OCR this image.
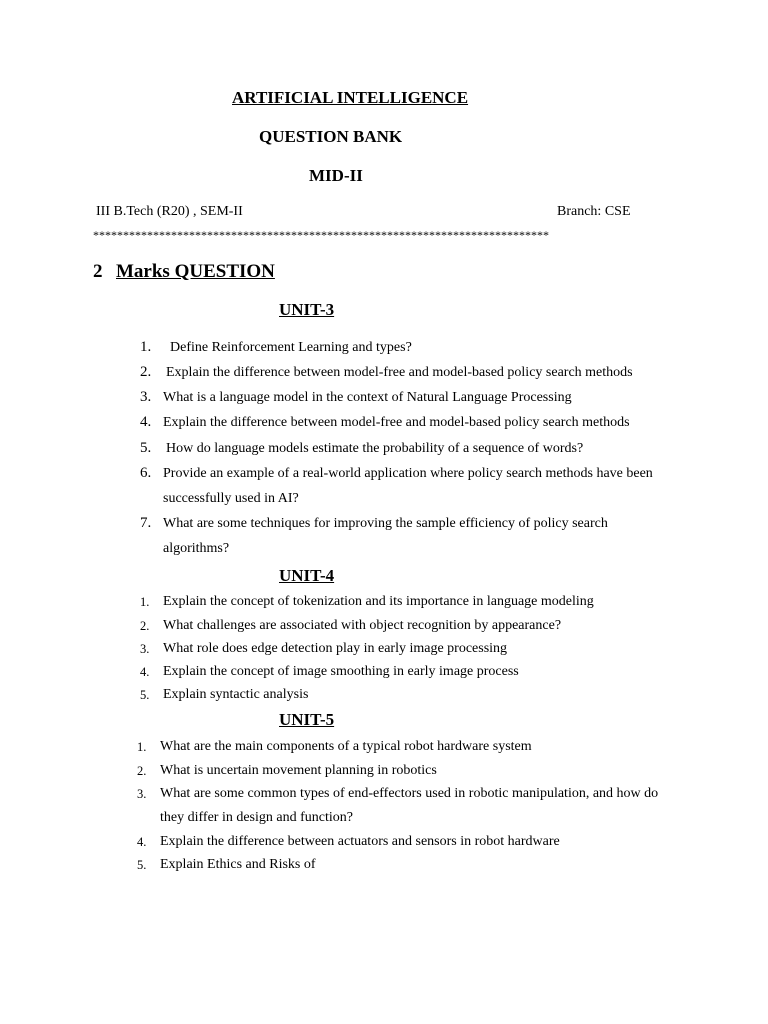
ARTIFICIAL INTELLIGENCE
QUESTION BANK
MID-II
III B.Tech (R20) , SEM-II	Branch: CSE
****************************************************************************
2 Marks QUESTION
UNIT-3
1. Define Reinforcement Learning and types?
2. Explain the difference between model-free and model-based policy search methods
3. What is a language model in the context of Natural Language Processing
4. Explain the difference between model-free and model-based policy search methods
5. How do language models estimate the probability of a sequence of words?
6. Provide an example of a real-world application where policy search methods have been
successfully used in AI?
7. What are some techniques for improving the sample efficiency of policy search
algorithms?
UNIT-4
1. Explain the concept of tokenization and its importance in language modeling
2. What challenges are associated with object recognition by appearance?
3. What role does edge detection play in early image processing
4. Explain the concept of image smoothing in early image process
5. Explain syntactic analysis
UNIT-5
1. What are the main components of a typical robot hardware system
2. What is uncertain movement planning in robotics
3. What are some common types of end-effectors used in robotic manipulation, and how do
they differ in design and function?
4. Explain the difference between actuators and sensors in robot hardware
5. Explain Ethics and Risks of
